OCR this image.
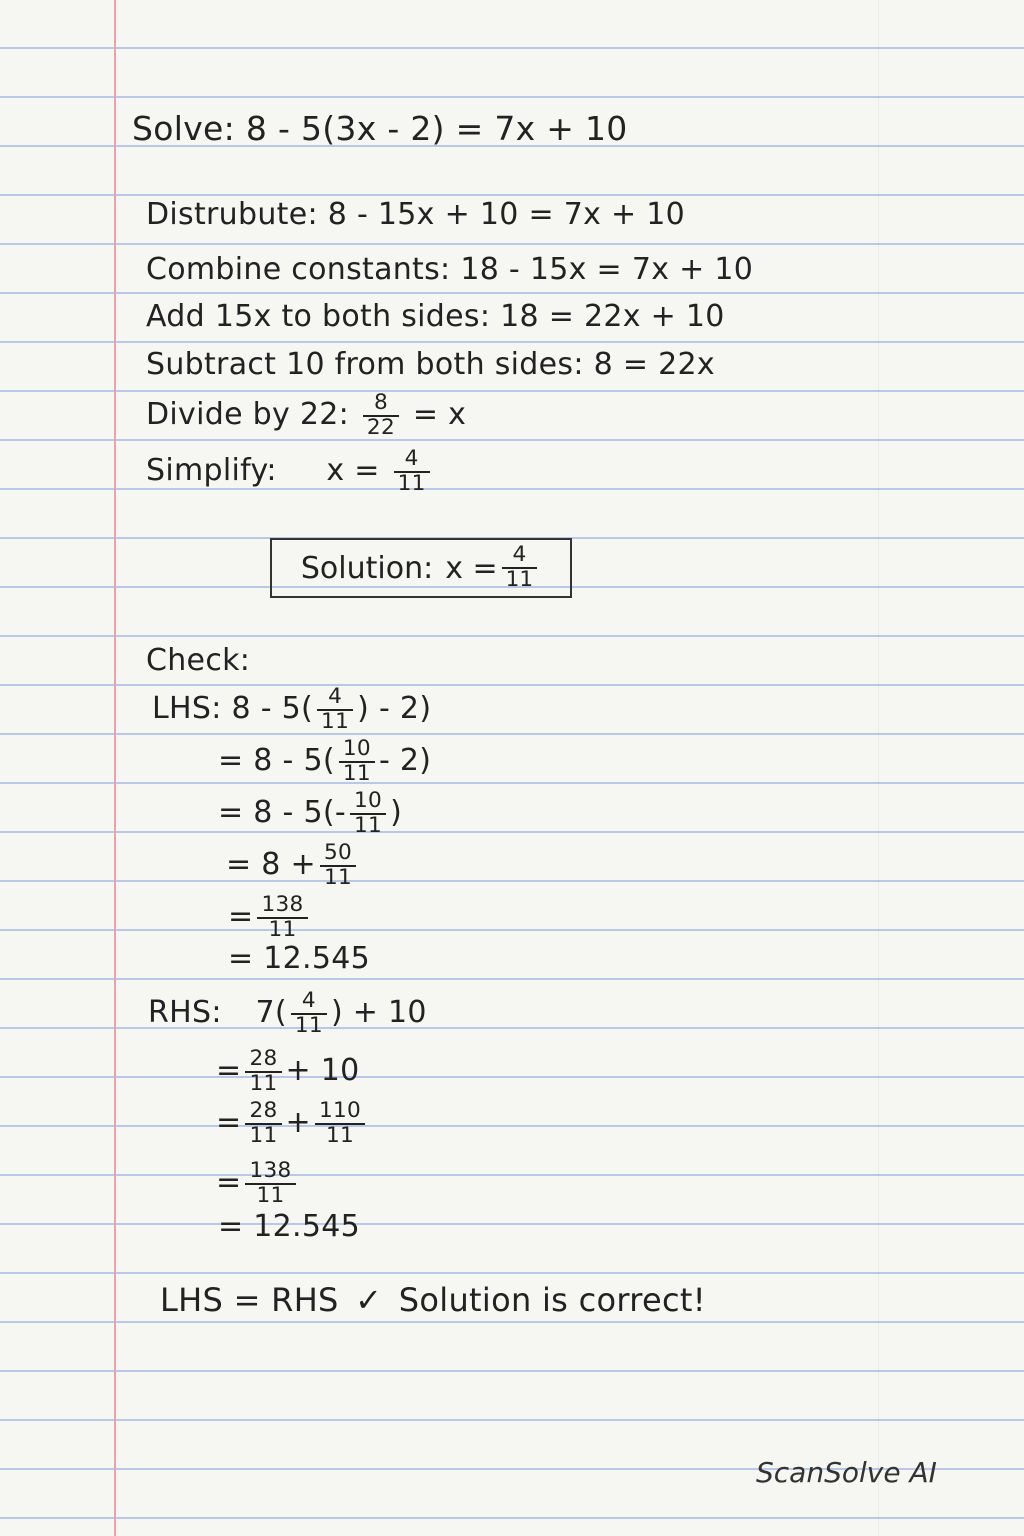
Solve: 8 - 5(3x - 2) = 7x + 10
Distrubute: 8 - 15x + 10 = 7x + 10
Combine constants: 18 - 15x = 7x + 10
Add 15x to both sides: 18 = 22x + 10
Subtract 10 from both sides: 8 = 22x
Divide by 22: $\frac{8}{22} = x$
Simplify: $x = \frac{4}{11}$
Solution: $x = \frac{4}{11}$
Check:
LHS: $8 - 5( \frac{4}{11}$ ) - 2)
= $8 - 5( \frac{10}{11} - 2)$
= $8 - 5(- \frac{10}{11}$ )
= $8 + \frac{50}{11}$
= $\frac{138}{11}$
= 12.545
RHS: $7( \frac{4}{11}$ ) + 10
= $\frac{28}{11} + 10$
= $\frac{28}{11} + \frac{110}{11}$
= $\frac{138}{11}$
= 12.545
LHS = RHS ✓ Solution is correct!
ScanSolve AI
